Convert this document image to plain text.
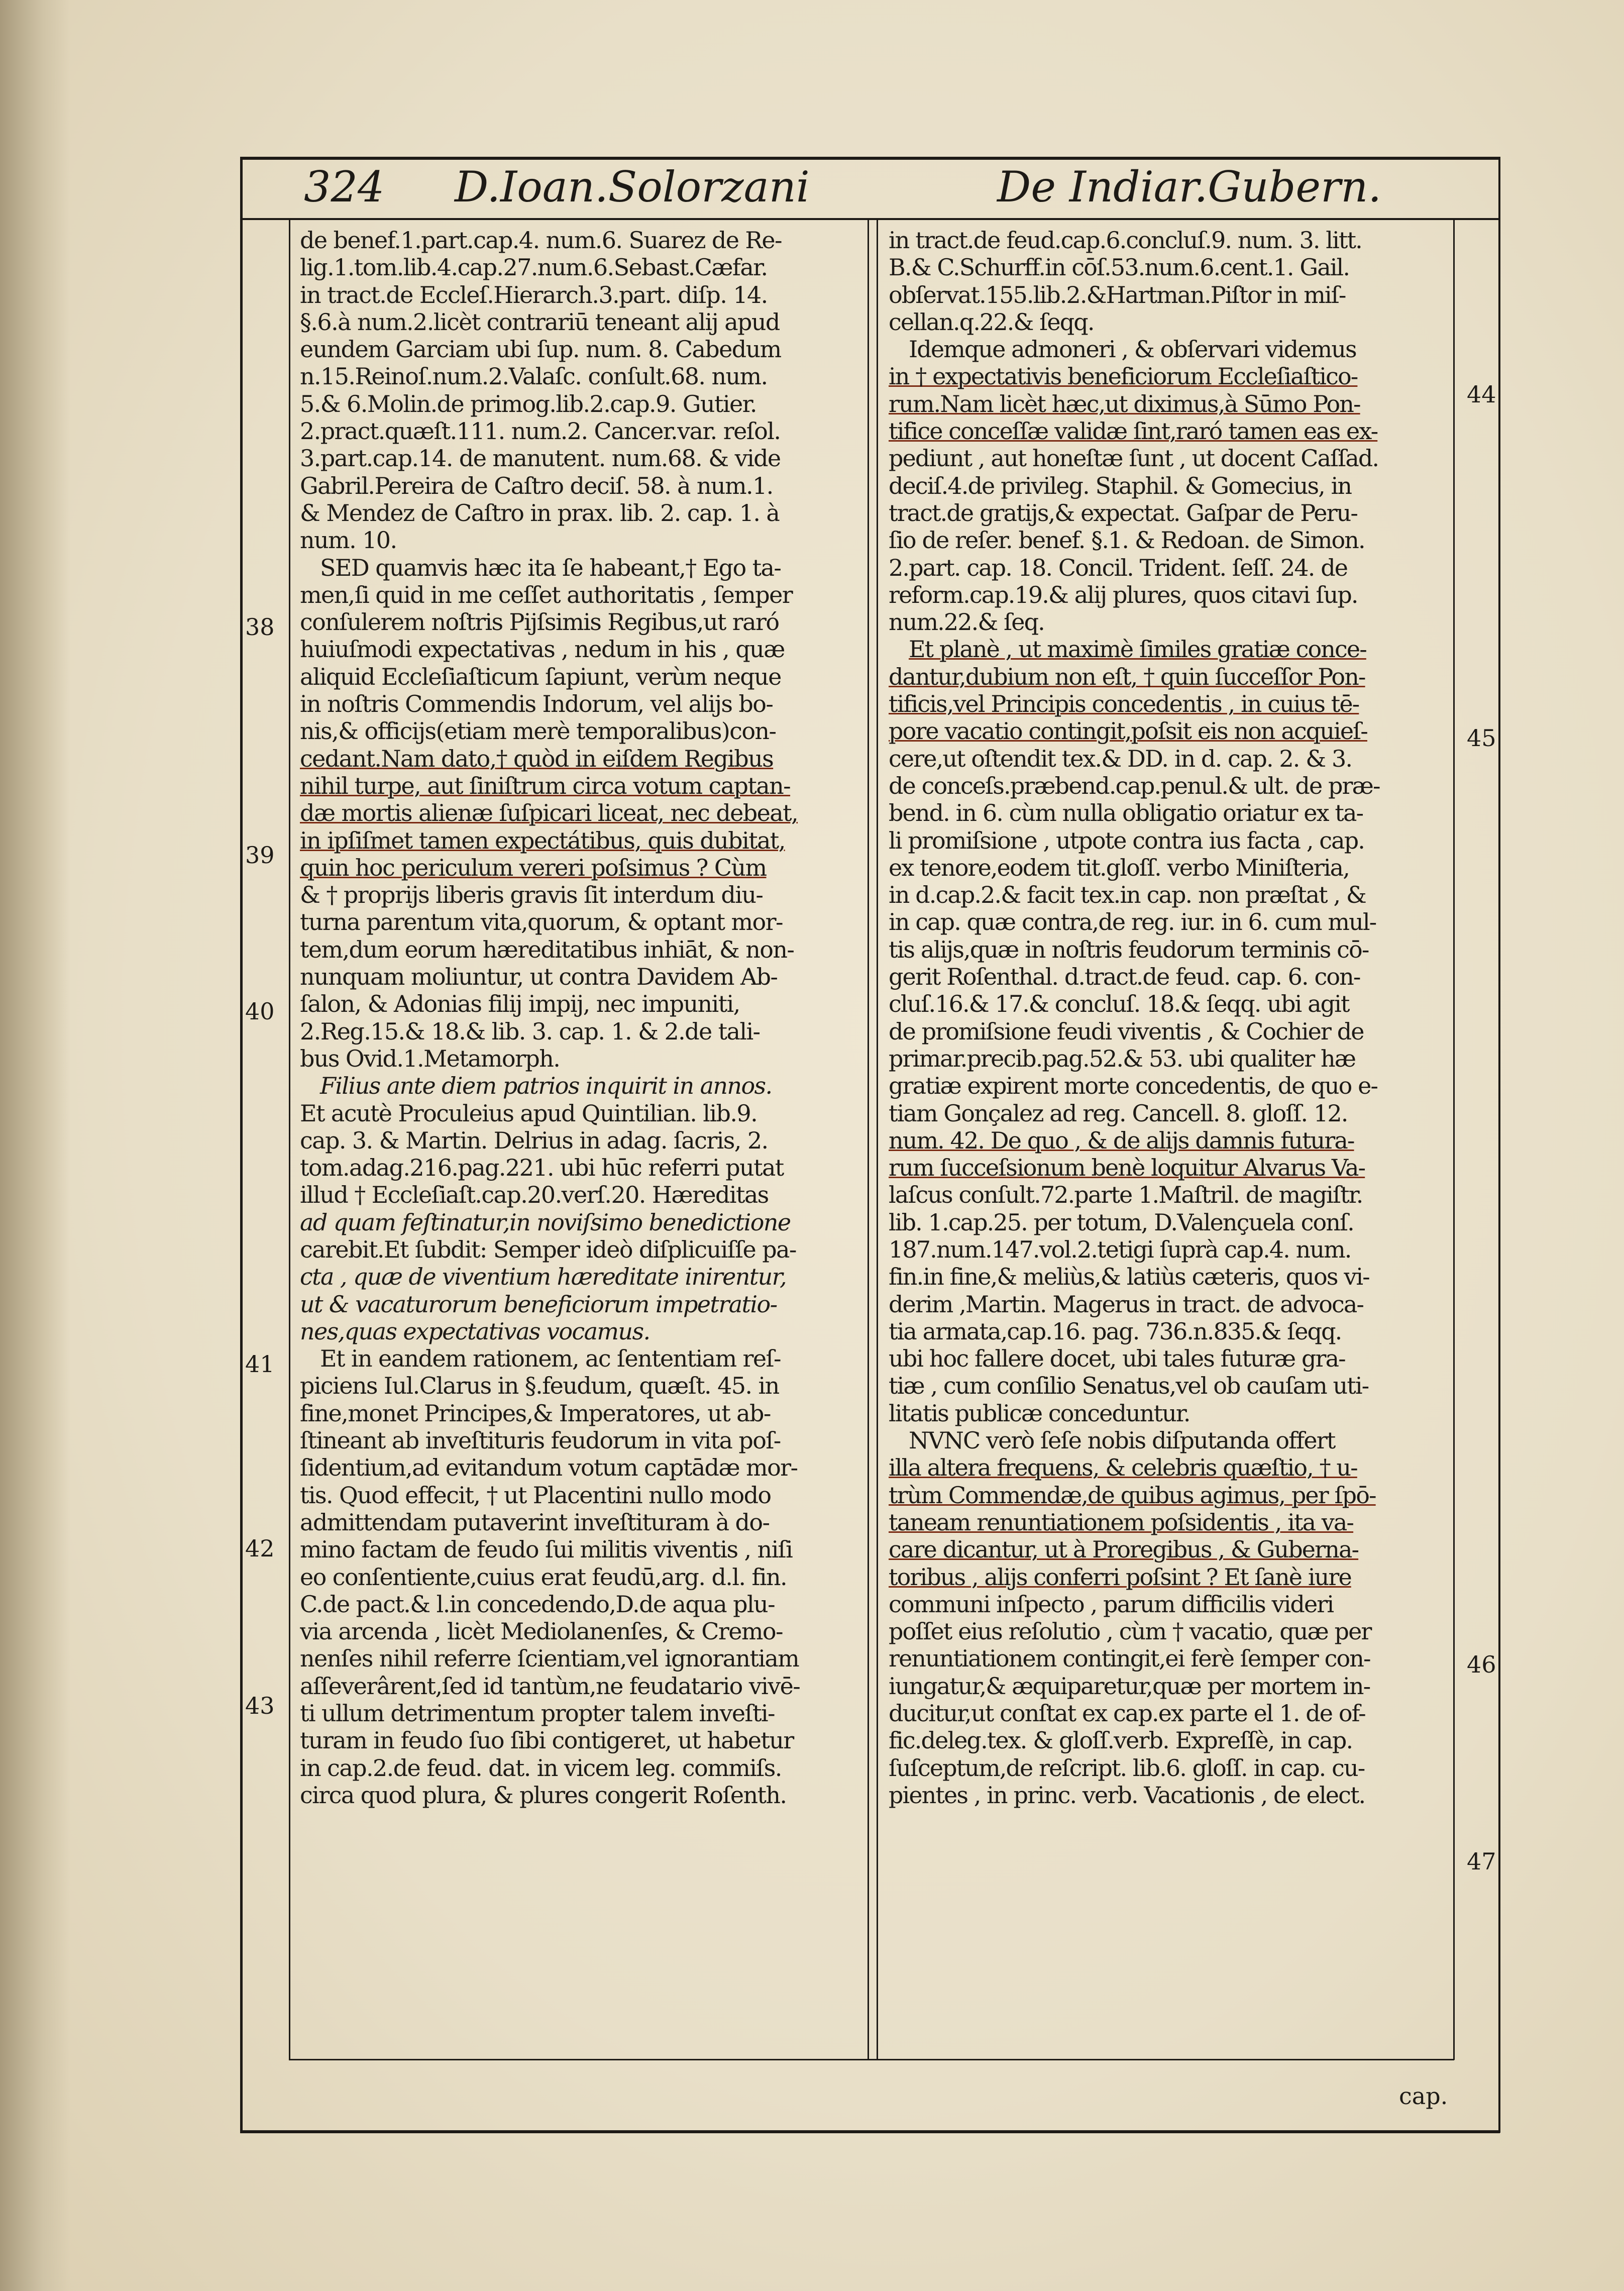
324 D.Ioan.Solorzani	De Indiar.Gubern.
de benef.1.part.cap.4. num.6. Suarez de Re-
lig.1.tom.lib.4.cap.27.num.6.Sebast.Cæfar.
in tract.de Eccleſ.Hierarch.3.part. diſp. 14.
§.6.à num.2.licèt contrariū teneant alij apud
eundem Garciam ubi ſup. num. 8. Cabedum
n.15.Reinoſ.num.2.Valaſc. conſult.68. num.
5.& 6.Molin.de primog.lib.2.cap.9. Gutier.
2.pract.quæſt.111. num.2. Cancer.var. reſol.
3.part.cap.14. de manutent. num.68. & vide
Gabril.Pereira de Caſtro deciſ. 58. à num.1.
& Mendez de Caſtro in prax. lib. 2. cap. 1. à
num. 10.
SED quamvis hæc ita ſe habeant,† Ego ta-
men,ſi quid in me ceſſet authoritatis , ſemper
conſulerem noſtris Pijſsimis Regibus,ut raró
huiuſmodi expectativas , nedum in his , quæ
aliquid Eccleſiaſticum ſapiunt, verùm neque
in noſtris Commendis Indorum, vel alijs bo-
nis,& officijs(etiam merè temporalibus)con-
cedant.Nam dato,† quòd in eiſdem Regibus
nihil turpe, aut ſiniſtrum circa votum captan-
dæ mortis alienæ ſuſpicari liceat, nec debeat,
in ipſiſmet tamen expectátibus, quis dubitat,
quin hoc periculum vereri poſsimus ? Cùm
& † proprijs liberis gravis ſit interdum diu-
turna parentum vita,quorum, & optant mor-
tem,dum eorum hæreditatibus inhiāt, & non-
nunquam moliuntur, ut contra Davidem Ab-
ſalon, & Adonias filij impij, nec impuniti,
2.Reg.15.& 18.& lib. 3. cap. 1. & 2.de tali-
bus Ovid.1.Metamorph.
Filius ante diem patrios inquirit in annos.
Et acutè Proculeius apud Quintilian. lib.9.
cap. 3. & Martin. Delrius in adag. ſacris, 2.
tom.adag.216.pag.221. ubi hūc referri putat
illud † Eccleſiaſt.cap.20.verſ.20. Hæreditas
ad quam feſtinatur,in noviſsimo benedictione
carebit.Et ſubdit: Semper ideò diſplicuiſſe pa-
cta , quæ de viventium hæreditate inirentur,
ut & vacaturorum beneficiorum impetratio-
nes,quas expectativas vocamus.
Et in eandem rationem, ac ſententiam reſ-
piciens Iul.Clarus in §.feudum, quæſt. 45. in
fine,monet Principes,& Imperatores, ut ab-
ſtineant ab inveſtituris feudorum in vita poſ-
ſidentium,ad evitandum votum captādæ mor-
tis. Quod effecit, † ut Placentini nullo modo
admittendam putaverint inveſtituram à do-
mino factam de feudo ſui militis viventis , niſi
eo conſentiente,cuius erat feudū,arg. d.l. fin.
C.de pact.& l.in concedendo,D.de aqua plu-
via arcenda , licèt Mediolanenſes, & Cremo-
nenſes nihil referre ſcientiam,vel ignorantiam
aſſeverârent,ſed id tantùm,ne feudatario vivē-
ti ullum detrimentum propter talem inveſti-
turam in feudo ſuo ſibi contigeret, ut habetur
in cap.2.de feud. dat. in vicem leg. commiſs.
circa quod plura, & plures congerit Roſenth.
in tract.de feud.cap.6.concluſ.9. num. 3. litt.
B.& C.Schurff.in cōſ.53.num.6.cent.1. Gail.
obſervat.155.lib.2.&Hartman.Piſtor in miſ-
cellan.q.22.& ſeqq.
Idemque admoneri , & obſervari videmus
in † expectativis beneficiorum Eccleſiaſtico-
rum.Nam licèt hæc,ut diximus,à Sūmo Pon-
tifice conceſſæ validæ ſint,raró tamen eas ex-
pediunt , aut honeſtæ ſunt , ut docent Caſſad.
deciſ.4.de privileg. Staphil. & Gomecius, in
tract.de gratijs,& expectat. Gaſpar de Peru-
ſio de reſer. benef. §.1. & Redoan. de Simon.
2.part. cap. 18. Concil. Trident. ſeſſ. 24. de
reform.cap.19.& alij plures, quos citavi ſup.
num.22.& ſeq.
Et planè , ut maximè ſimiles gratiæ conce-
dantur,dubium non eſt, † quin ſucceſſor Pon-
tificis,vel Principis concedentis , in cuius tē-
pore vacatio contingit,poſsit eis non acquieſ-
cere,ut oſtendit tex.& DD. in d. cap. 2. & 3.
de conceſs.præbend.cap.penul.& ult. de præ-
bend. in 6. cùm nulla obligatio oriatur ex ta-
li promiſsione , utpote contra ius facta , cap.
ex tenore,eodem tit.gloſſ. verbo Miniſteria,
in d.cap.2.& facit tex.in cap. non præſtat , &
in cap. quæ contra,de reg. iur. in 6. cum mul-
tis alijs,quæ in noſtris feudorum terminis cō-
gerit Roſenthal. d.tract.de feud. cap. 6. con-
cluſ.16.& 17.& concluſ. 18.& ſeqq. ubi agit
de promiſsione feudi viventis , & Cochier de
primar.precib.pag.52.& 53. ubi qualiter hæ
gratiæ expirent morte concedentis, de quo e-
tiam Gonçalez ad reg. Cancell. 8. gloſſ. 12.
num. 42. De quo , & de alijs damnis futura-
rum ſucceſsionum benè loquitur Alvarus Va-
laſcus conſult.72.parte 1.Maſtril. de magiſtr.
lib. 1.cap.25. per totum, D.Valençuela conſ.
187.num.147.vol.2.tetigi ſuprà cap.4. num.
fin.in fine,& meliùs,& latiùs cæteris, quos vi-
derim ,Martin. Magerus in tract. de advoca-
tia armata,cap.16. pag. 736.n.835.& ſeqq.
ubi hoc fallere docet, ubi tales futuræ gra-
tiæ , cum conſilio Senatus,vel ob cauſam uti-
litatis publicæ conceduntur.
NVNC verò ſeſe nobis diſputanda offert
illa altera frequens, & celebris quæſtio, † u-
trùm Commendæ,de quibus agimus, per ſpō-
taneam renuntiationem poſsidentis , ita va-
care dicantur, ut à Proregibus , & Guberna-
toribus , alijs conferri poſsint ? Et ſanè iure
communi inſpecto , parum difficilis videri
poſſet eius reſolutio , cùm † vacatio, quæ per
renuntiationem contingit,ei ferè ſemper con-
iungatur,& æquiparetur,quæ per mortem in-
ducitur,ut conſtat ex cap.ex parte el 1. de of-
fic.deleg.tex. & gloſſ.verb. Expreſſè, in cap.
ſuſceptum,de reſcript. lib.6. gloſſ. in cap. cu-
pientes , in princ. verb. Vacationis , de elect.
38
39
40
41
42
43
44
45
46
47
cap.
